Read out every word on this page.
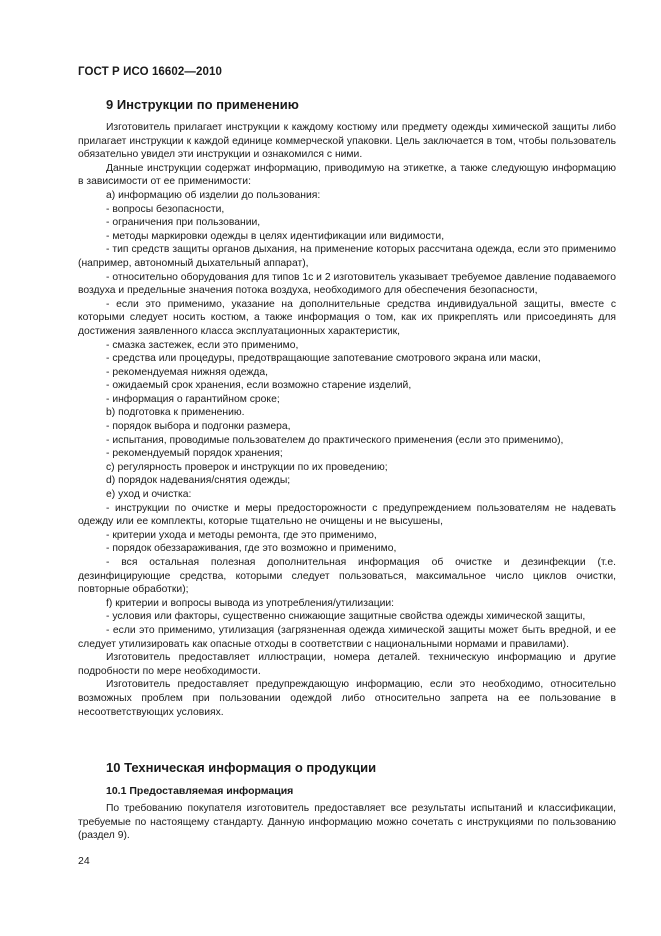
ГОСТ Р ИСО 16602—2010
9 Инструкции по применению

Изготовитель прилагает инструкции к каждому костюму или предмету одежды химической защиты либо прилагает инструкции к каждой единице коммерческой упаковки. Цель заключается в том, чтобы пользователь обязательно увидел эти инструкции и ознакомился с ними.

Данные инструкции содержат информацию, приводимую на этикетке, а также следующую информацию в зависимости от ее применимости:

а) информацию об изделии до пользования:

- вопросы безопасности,

- ограничения при пользовании,

- методы маркировки одежды в целях идентификации или видимости,

- тип средств защиты органов дыхания, на применение которых рассчитана одежда, если это применимо (например, автономный дыхательный аппарат),

- относительно оборудования для типов 1с и 2 изготовитель указывает требуемое давление подаваемого воздуха и предельные значения потока воздуха, необходимого для обеспечения безопасности,

- если это применимо, указание на дополнительные средства индивидуальной защиты, вместе с которыми следует носить костюм, а также информация о том, как их прикреплять или присоединять для достижения заявленного класса эксплуатационных характеристик,

- смазка застежек, если это применимо,

- средства или процедуры, предотвращающие запотевание смотрового экрана или маски,

- рекомендуемая нижняя одежда,

- ожидаемый срок хранения, если возможно старение изделий,

- информация о гарантийном сроке;

b) подготовка к применению.

- порядок выбора и подгонки размера,

- испытания, проводимые пользователем до практического применения (если это применимо),

- рекомендуемый порядок хранения;

c) регулярность проверок и инструкции по их проведению;

d) порядок надевания/снятия одежды;

e) уход и очистка:

- инструкции по очистке и меры предосторожности с предупреждением пользователям не надевать одежду или ее комплекты, которые тщательно не очищены и не высушены,

- критерии ухода и методы ремонта, где это применимо,

- порядок обеззараживания, где это возможно и применимо,

- вся остальная полезная дополнительная информация об очистке и дезинфекции (т.е. дезинфицирующие средства, которыми следует пользоваться, максимальное число циклов очистки, повторные обработки);

f) критерии и вопросы вывода из употребления/утилизации:

- условия или факторы, существенно снижающие защитные свойства одежды химической защиты,

- если это применимо, утилизация (загрязненная одежда химической защиты может быть вредной, и ее следует утилизировать как опасные отходы в соответствии с национальными нормами и правилами).

Изготовитель предоставляет иллюстрации, номера деталей. техническую информацию и другие подробности по мере необходимости.

Изготовитель предоставляет предупреждающую информацию, если это необходимо, относительно возможных проблем при пользовании одеждой либо относительно запрета на ее пользование в несоответствующих условиях.

10 Техническая информация о продукции
10.1 Предоставляемая информация

По требованию покупателя изготовитель предоставляет все результаты испытаний и классификации, требуемые по настоящему стандарту. Данную информацию можно сочетать с инструкциями по пользованию (раздел 9).

24
